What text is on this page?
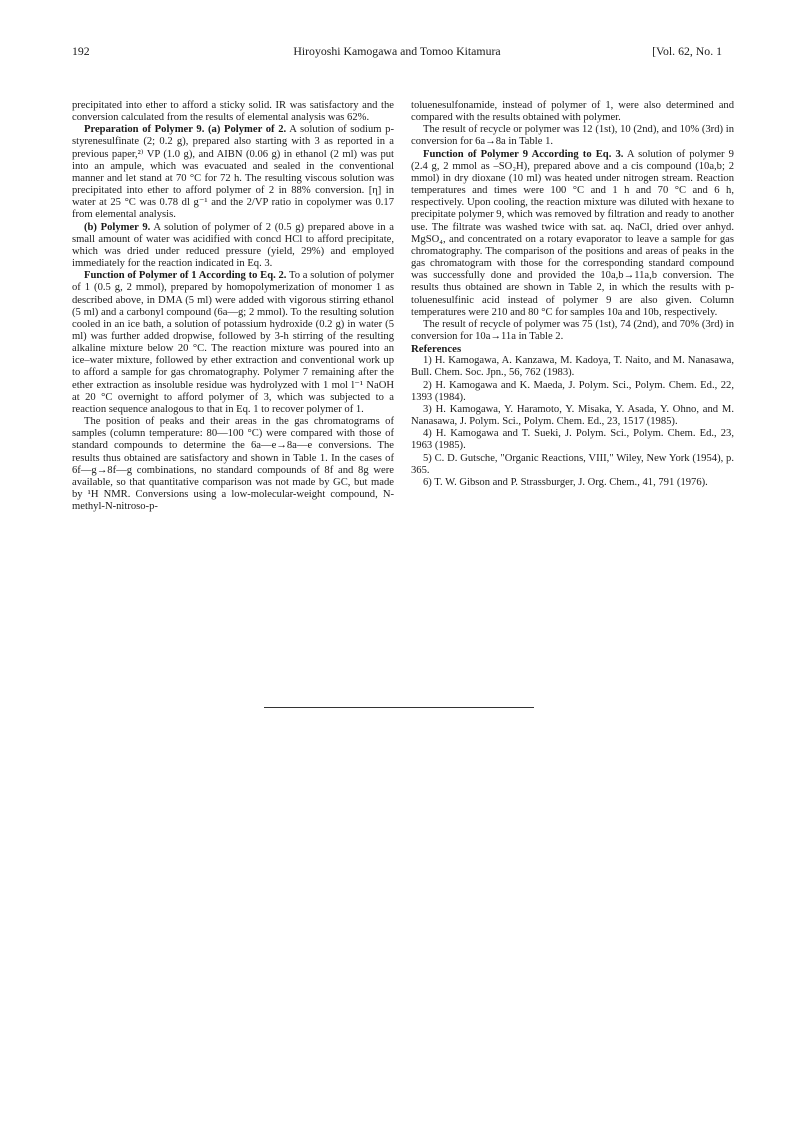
192	Hiroyoshi Kamogawa and Tomoo Kitamura	[Vol. 62, No. 1

precipitated into ether to afford a sticky solid. IR was satisfactory and the conversion calculated from the results of elemental analysis was 62%.

Preparation of Polymer 9. (a) Polymer of 2. A solution of sodium p-styrenesulfinate (2; 0.2 g), prepared also starting with 3 as reported in a previous paper,²⁾ VP (1.0 g), and AIBN (0.06 g) in ethanol (2 ml) was put into an ampule, which was evacuated and sealed in the conventional manner and let stand at 70 °C for 72 h. The resulting viscous solution was precipitated into ether to afford polymer of 2 in 88% conversion. [η] in water at 25 °C was 0.78 dl g⁻¹ and the 2/VP ratio in copolymer was 0.17 from elemental analysis.

(b) Polymer 9. A solution of polymer of 2 (0.5 g) prepared above in a small amount of water was acidified with concd HCl to afford precipitate, which was dried under reduced pressure (yield, 29%) and employed immediately for the reaction indicated in Eq. 3.

Function of Polymer of 1 According to Eq. 2. To a solution of polymer of 1 (0.5 g, 2 mmol), prepared by homopolymerization of monomer 1 as described above, in DMA (5 ml) were added with vigorous stirring ethanol (5 ml) and a carbonyl compound (6a—g; 2 mmol). To the resulting solution cooled in an ice bath, a solution of potassium hydroxide (0.2 g) in water (5 ml) was further added dropwise, followed by 3-h stirring of the resulting alkaline mixture below 20 °C. The reaction mixture was poured into an ice–water mixture, followed by ether extraction and conventional work up to afford a sample for gas chromatography. Polymer 7 remaining after the ether extraction as insoluble residue was hydrolyzed with 1 mol l⁻¹ NaOH at 20 °C overnight to afford polymer of 3, which was subjected to a reaction sequence analogous to that in Eq. 1 to recover polymer of 1.

The position of peaks and their areas in the gas chromatograms of samples (column temperature: 80—100 °C) were compared with those of standard compounds to determine the 6a—e→8a—e conversions. The results thus obtained are satisfactory and shown in Table 1. In the cases of 6f—g→8f—g combinations, no standard compounds of 8f and 8g were available, so that quantitative comparison was not made by GC, but made by ¹H NMR. Conversions using a low-molecular-weight compound, N-methyl-N-nitroso-p-

toluenesulfonamide, instead of polymer of 1, were also determined and compared with the results obtained with polymer.

The result of recycle or polymer was 12 (1st), 10 (2nd), and 10% (3rd) in conversion for 6a→8a in Table 1.

Function of Polymer 9 According to Eq. 3. A solution of polymer 9 (2.4 g, 2 mmol as –SO₂H), prepared above and a cis compound (10a,b; 2 mmol) in dry dioxane (10 ml) was heated under nitrogen stream. Reaction temperatures and times were 100 °C and 1 h and 70 °C and 6 h, respectively. Upon cooling, the reaction mixture was diluted with hexane to precipitate polymer 9, which was removed by filtration and ready to another use. The filtrate was washed twice with sat. aq. NaCl, dried over anhyd. MgSO₄, and concentrated on a rotary evaporator to leave a sample for gas chromatography. The comparison of the positions and areas of peaks in the gas chromatogram with those for the corresponding standard compound was successfully done and provided the 10a,b→11a,b conversion. The results thus obtained are shown in Table 2, in which the results with p-toluenesulfinic acid instead of polymer 9 are also given. Column temperatures were 210 and 80 °C for samples 10a and 10b, respectively.

The result of recycle of polymer was 75 (1st), 74 (2nd), and 70% (3rd) in conversion for 10a→11a in Table 2.

References

1) H. Kamogawa, A. Kanzawa, M. Kadoya, T. Naito, and M. Nanasawa, Bull. Chem. Soc. Jpn., 56, 762 (1983).

2) H. Kamogawa and K. Maeda, J. Polym. Sci., Polym. Chem. Ed., 22, 1393 (1984).

3) H. Kamogawa, Y. Haramoto, Y. Misaka, Y. Asada, Y. Ohno, and M. Nanasawa, J. Polym. Sci., Polym. Chem. Ed., 23, 1517 (1985).

4) H. Kamogawa and T. Sueki, J. Polym. Sci., Polym. Chem. Ed., 23, 1963 (1985).

5) C. D. Gutsche, "Organic Reactions, VIII," Wiley, New York (1954), p. 365.

6) T. W. Gibson and P. Strassburger, J. Org. Chem., 41, 791 (1976).
